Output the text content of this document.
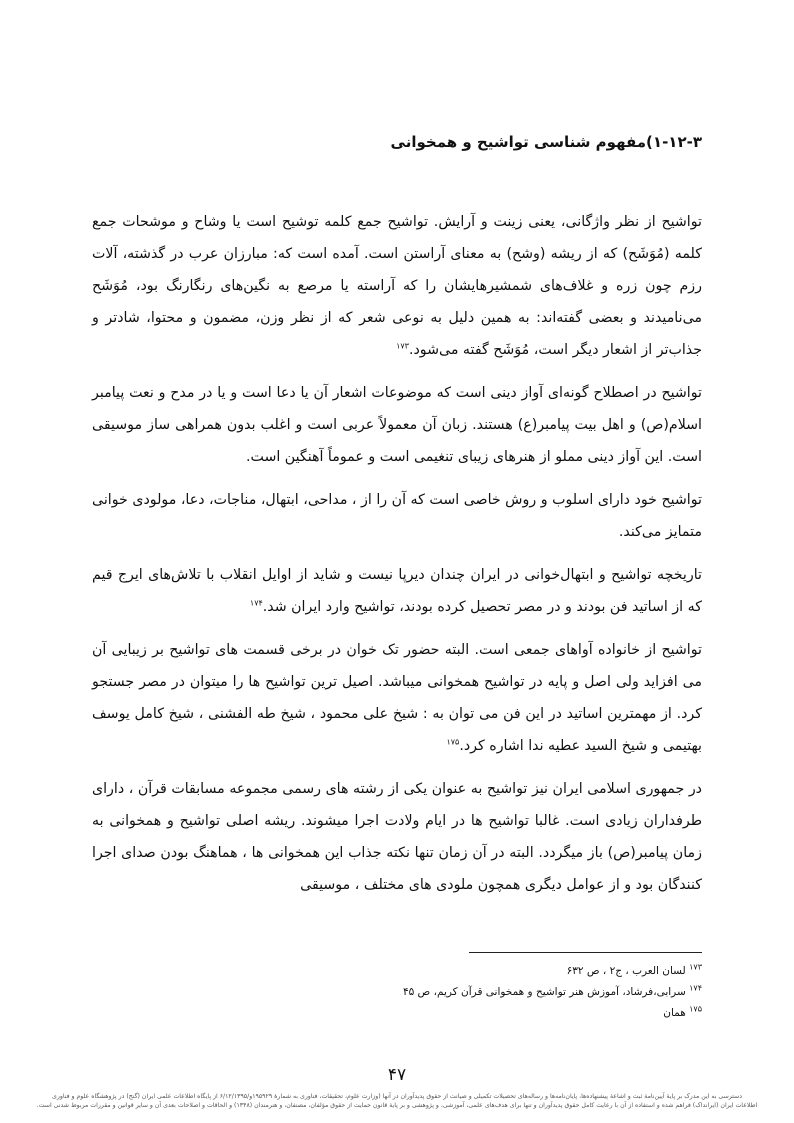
۱-۱۲-۳)مفهوم شناسی تواشیح و همخوانی

تواشیح از نظر واژگانی، یعنی زینت و آرایش. تواشیح جمع کلمه توشیح است یا وشاح و موشحات جمع کلمه (مُوَشَح) که از ریشه (وشح) به معنای آراستن است. آمده است که: مبارزان عرب در گذشته، آلات رزم چون زره و غلاف‌های شمشیرهایشان را که آراسته یا مرصع به نگین‌های رنگارنگ بود، مُوَشَح می‌نامیدند و بعضی گفته‌اند: به همین دلیل به نوعی شعر که از نظر وزن، مضمون و محتوا، شادتر و جذاب‌تر از اشعار دیگر است، مُوَشَح گفته می‌شود.$^{۱۷۳}$

تواشیح در اصطلاح گونه‌ای آواز دینی است که موضوعات اشعار آن یا دعا است و یا در مدح و نعت پیامبر اسلام(ص) و اهل بیت پیامبر(ع) هستند. زبان آن معمولاً عربی است و اغلب بدون همراهی ساز موسیقی است. این آواز دینی مملو از هنرهای زیبای تنغیمی است و عموماً آهنگین است.

تواشیح خود دارای اسلوب و روش خاصی است که آن را از ، مداحی، ابتهال، مناجات، دعا، مولودی خوانی متمایز می‌کند.

تاریخچه تواشیح و ابتهال‌خوانی در ایران چندان دیرپا نیست و شاید از اوایل انقلاب با تلاش‌های ایرج قیم که از اساتید فن بودند و در مصر تحصیل کرده بودند، تواشیح وارد ایران شد.$^{۱۷۴}$

تواشیح از خانواده آواهای جمعی است. البته حضور تک خوان در برخی قسمت های تواشیح بر زیبایی آن می افزاید ولی اصل و پایه در تواشیح همخوانی میباشد. اصیل ترین تواشیح ها را میتوان در مصر جستجو کرد. از مهمترین اساتید در این فن می توان به : شیخ علی محمود ، شیخ طه الفشنی ، شیخ کامل یوسف بهتیمی و شیخ السید عطیه ندا اشاره کرد.$^{۱۷۵}$

در جمهوری اسلامی ایران نیز تواشیح به عنوان یکی از رشته های رسمی مجموعه مسابقات قرآن ، دارای طرفداران زیادی است. غالبا تواشیح ها در ایام ولادت اجرا میشوند. ریشه اصلی تواشیح و همخوانی به زمان پیامبر(ص) باز میگردد. البته در آن زمان تنها نکته جذاب این همخوانی ها ، هماهنگ بودن صدای اجرا کنندگان بود و از عوامل دیگری همچون ملودی های مختلف ، موسیقی

$^{۱۷۳}$ لسان العرب ، ج۲ ، ص ۶۳۲

$^{۱۷۴}$ سرابی،فرشاد، آموزش هنر تواشیح و همخوانی قرآن کریم، ص ۴۵

$^{۱۷۵}$ همان

۴۷
دسترسی به این مدرک بر پایهٔ آیین‌نامهٔ ثبت و اشاعهٔ پیشنهاده‌ها، پایان‌نامه‌ها و رساله‌های تحصیلات تکمیلی و صیانت از حقوق پدیدآوران در آنها (وزارت علوم، تحقیقات، فناوری به شمارهٔ ۱۹۵۹۲۹و/۶/۱۲/۱۳۹۵ از پایگاه اطلاعات علمی ایران (گنج) در پژوهشگاه علوم و فناوری
اطلاعات ایران (ایرانداک) فراهم شده و استفاده از آن با رعایت کامل حقوق پدیدآوران و تنها برای هدف‌های علمی، آموزشی، و پژوهشی و بر پایهٔ قانون حمایت از حقوق مؤلفان، مصنفان، و هنرمندان (۱۳۴۸) و الحاقات و اصلاحات بعدی آن و سایر قوانین و مقررات مربوط شدنی است.
